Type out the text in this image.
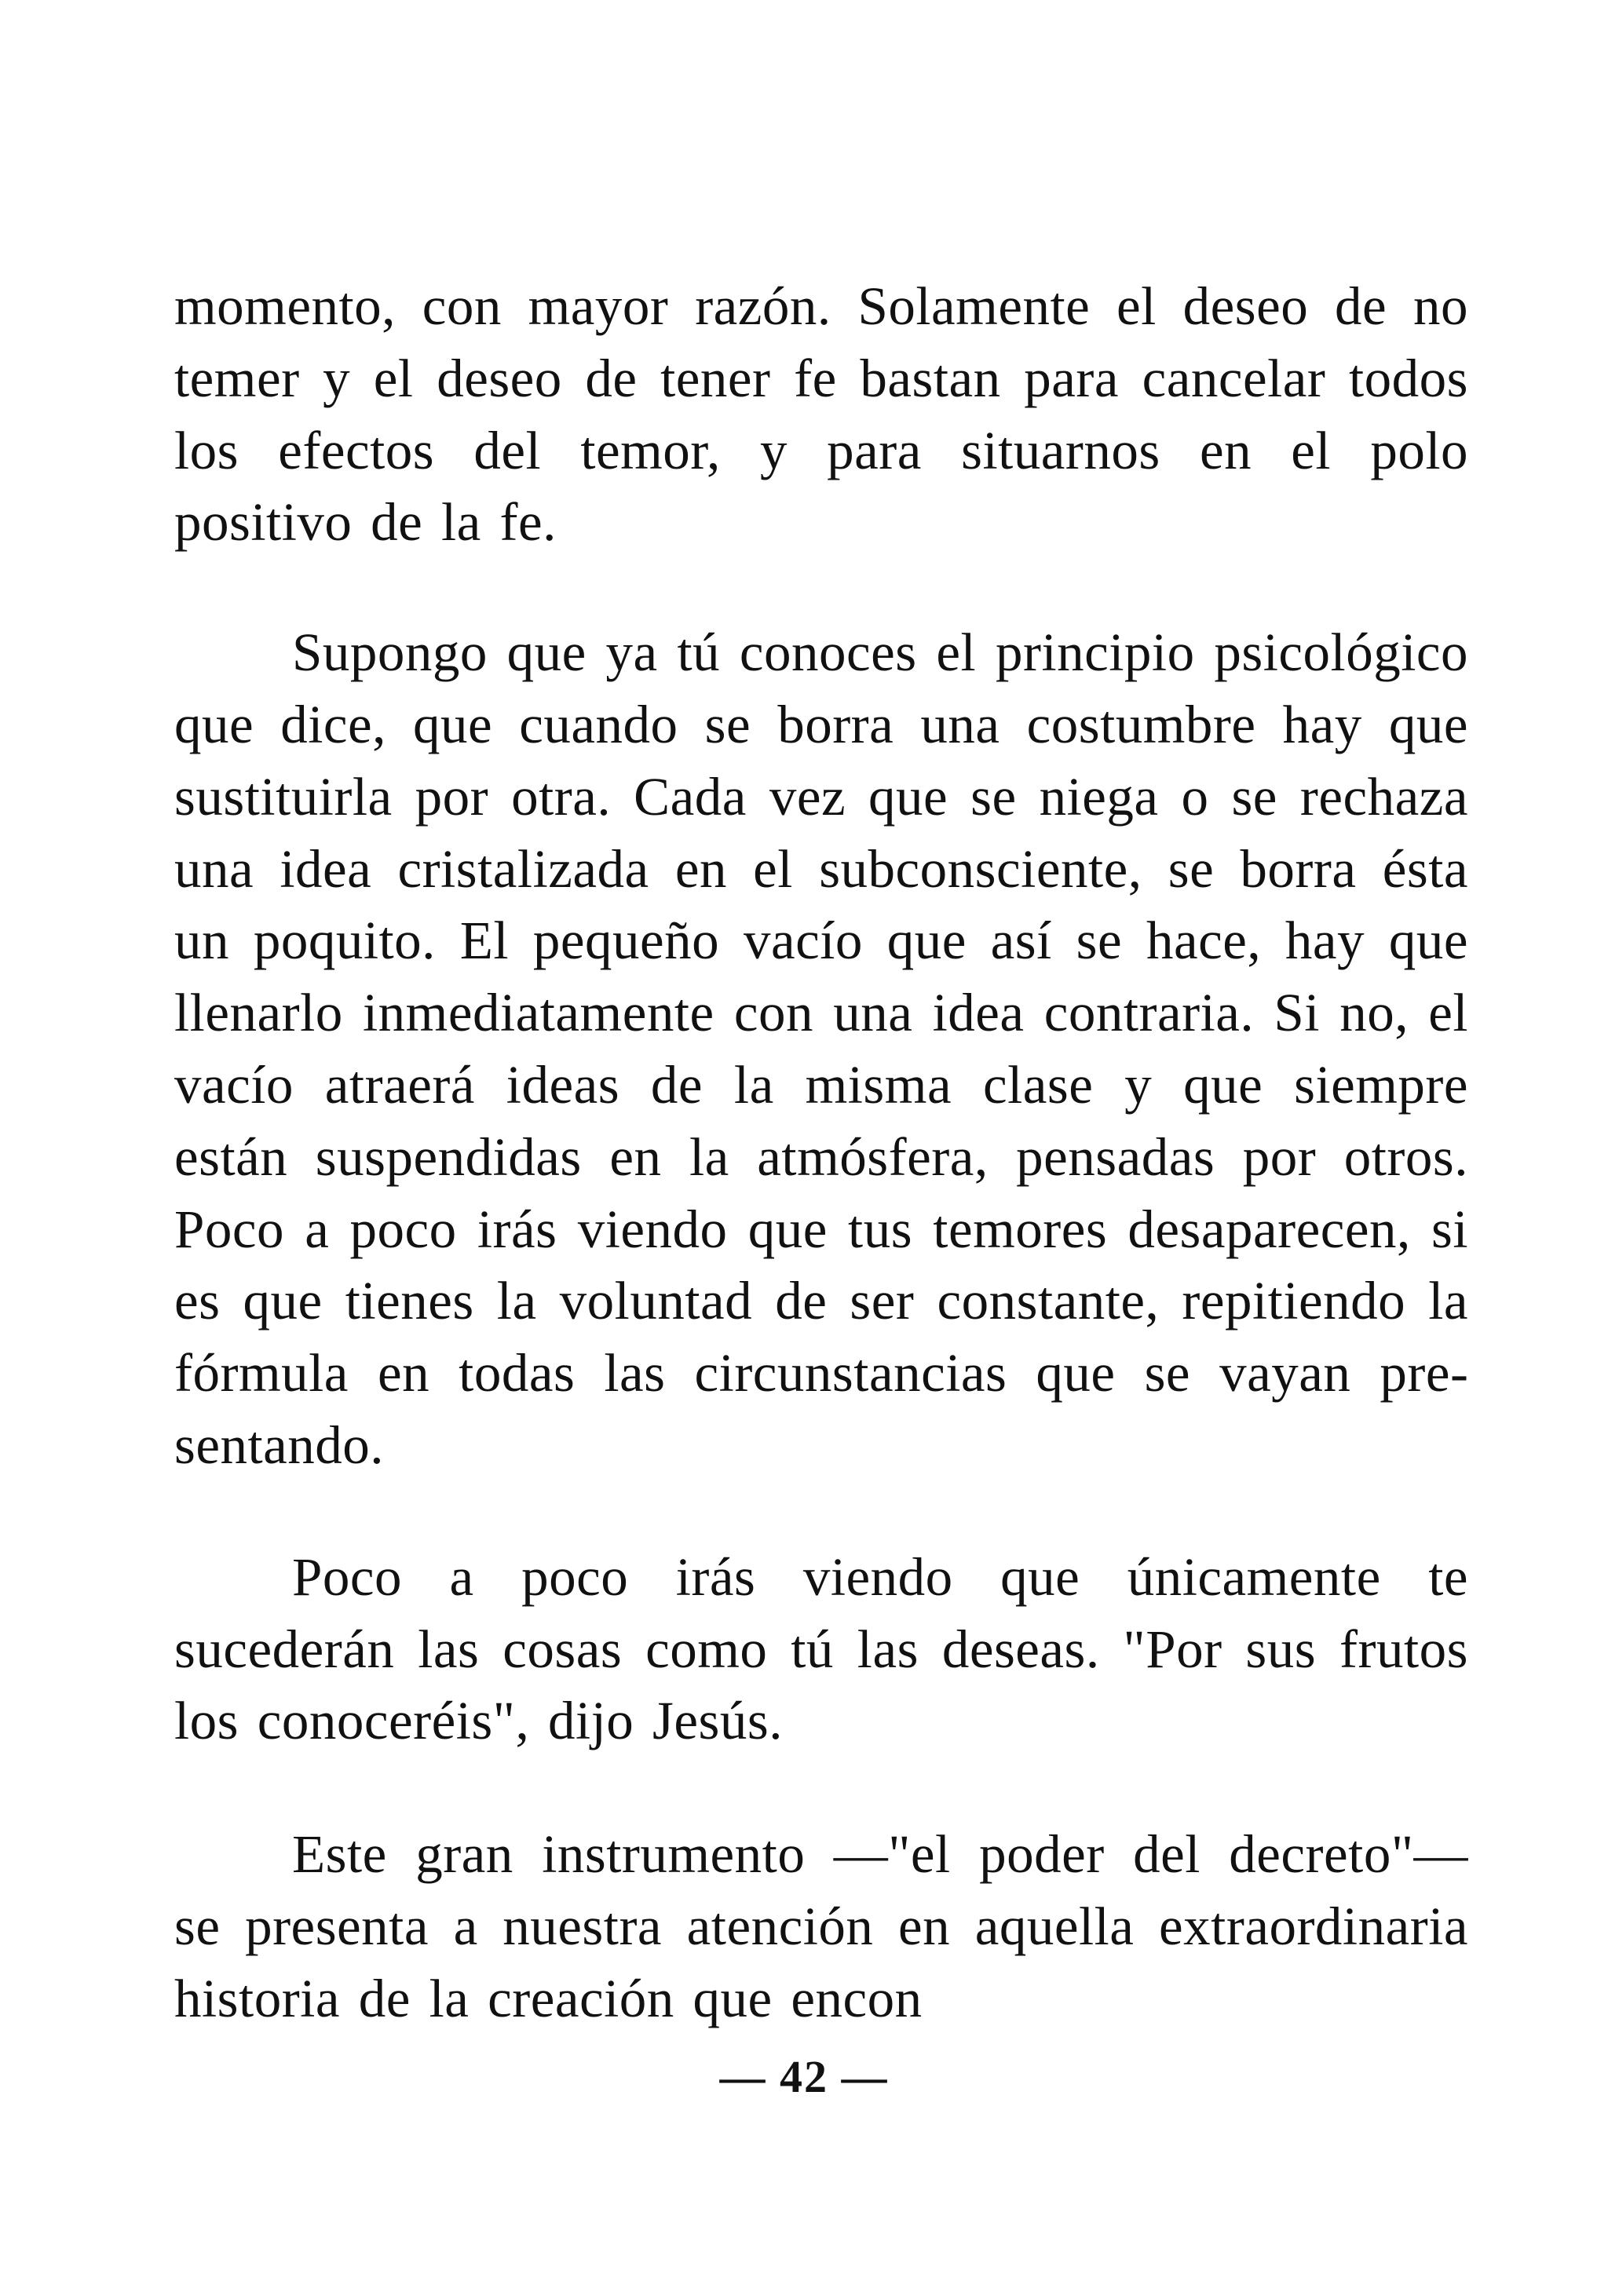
momento, con mayor razón. Solamente el deseo de no temer y el deseo de tener fe bastan para cancelar todos los efectos del temor, y para situarnos en el polo positivo de la fe.

Supongo que ya tú conoces el principio psicológico que dice, que cuando se borra una costumbre hay que sustituirla por otra. Cada vez que se niega o se rechaza una idea cristalizada en el subconsciente, se borra ésta un poquito. El pequeño vacío que así se hace, hay que llenarlo inmediatamente con una idea contraria. Si no, el vacío atraerá ideas de la misma clase y que siempre están suspendidas en la atmósfera, pensadas por otros. Poco a poco irás viendo que tus temores desaparecen, si es que tienes la voluntad de ser constante, repitiendo la fórmula en todas las circunstancias que se vayan presentando.

Poco a poco irás viendo que únicamente te sucederán las cosas como tú las deseas. "Por sus frutos los conoceréis", dijo Jesús.

Este gran instrumento —"el poder del decreto"— se presenta a nuestra atención en aquella extraordinaria historia de la creación que encon

— 42 —
